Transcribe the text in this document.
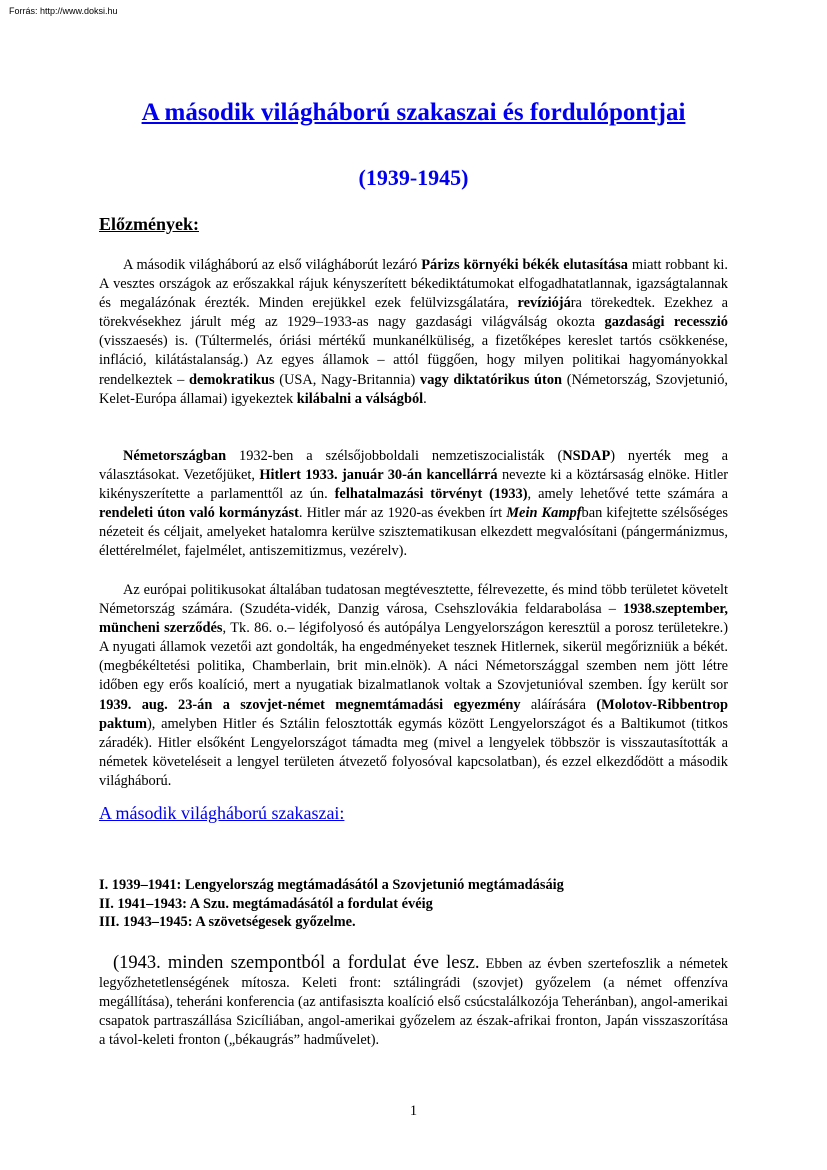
Forrás: http://www.doksi.hu
A második világháború szakaszai és fordulópontjai
(1939-1945)
Előzmények:

A második világháború az első világháborút lezáró Párizs környéki békék elutasítása miatt robbant ki. A vesztes országok az erőszakkal rájuk kényszerített békediktátumokat elfogadhatatlannak, igazságtalannak és megalázónak érezték. Minden erejükkel ezek felülvizsgálatára, revíziójára törekedtek. Ezekhez a törekvésekhez járult még az 1929–1933-as nagy gazdasági világválság okozta gazdasági recesszió (visszaesés) is. (Túltermelés, óriási mértékű munkanélküliség, a fizetőképes kereslet tartós csökkenése, infláció, kilátástalanság.) Az egyes államok – attól függően, hogy milyen politikai hagyományokkal rendelkeztek – demokratikus (USA, Nagy-Britannia) vagy diktatórikus úton (Németország, Szovjetunió, Kelet-Európa államai) igyekeztek kilábalni a válságból.

Németországban 1932-ben a szélsőjobboldali nemzetiszocialisták (NSDAP) nyerték meg a választásokat. Vezetőjüket, Hitlert 1933. január 30-án kancellárrá nevezte ki a köztársaság elnöke. Hitler kikényszerítette a parlamenttől az ún. felhatalmazási törvényt (1933), amely lehetővé tette számára a rendeleti úton való kormányzást. Hitler már az 1920-as években írt Mein Kampfban kifejtette szélsőséges nézeteit és céljait, amelyeket hatalomra kerülve szisztematikusan elkezdett megvalósítani (pángermánizmus, élettérelmélet, fajelmélet, antiszemitizmus, vezérelv).

Az európai politikusokat általában tudatosan megtévesztette, félrevezette, és mind több területet követelt Németország számára. (Szudéta-vidék, Danzig városa, Csehszlovákia feldarabolása – 1938.szeptember, müncheni szerződés, Tk. 86. o.– légifolyosó és autópálya Lengyelországon keresztül a porosz területekre.) A nyugati államok vezetői azt gondolták, ha engedményeket tesznek Hitlernek, sikerül megőrizniük a békét. (megbékéltetési politika, Chamberlain, brit min.elnök). A náci Németországgal szemben nem jött létre időben egy erős koalíció, mert a nyugatiak bizalmatlanok voltak a Szovjetunióval szemben. Így került sor 1939. aug. 23-án a szovjet-német megnemtámadási egyezmény aláírására (Molotov-Ribbentrop paktum), amelyben Hitler és Sztálin felosztották egymás között Lengyelországot és a Baltikumot (titkos záradék). Hitler elsőként Lengyelországot támadta meg (mivel a lengyelek többször is visszautasították a németek követeléseit a lengyel területen átvezető folyosóval kapcsolatban), és ezzel elkezdődött a második világháború.

A második világháború szakaszai:
I. 1939–1941: Lengyelország megtámadásától a Szovjetunió megtámadásáig
II. 1941–1943: A Szu. megtámadásától a fordulat évéig
III. 1943–1945: A szövetségesek győzelme.

(1943. minden szempontból a fordulat éve lesz. Ebben az évben szertefoszlik a németek legyőzhetetlenségének mítosza. Keleti front: sztálingrádi (szovjet) győzelem (a német offenzíva megállítása), teheráni konferencia (az antifasiszta koalíció első csúcstalálkozója Teheránban), angol-amerikai csapatok partraszállása Szicíliában, angol-amerikai győzelem az észak-afrikai fronton, Japán visszaszorítása a távol-keleti fronton („békaugrás” hadművelet).

1
